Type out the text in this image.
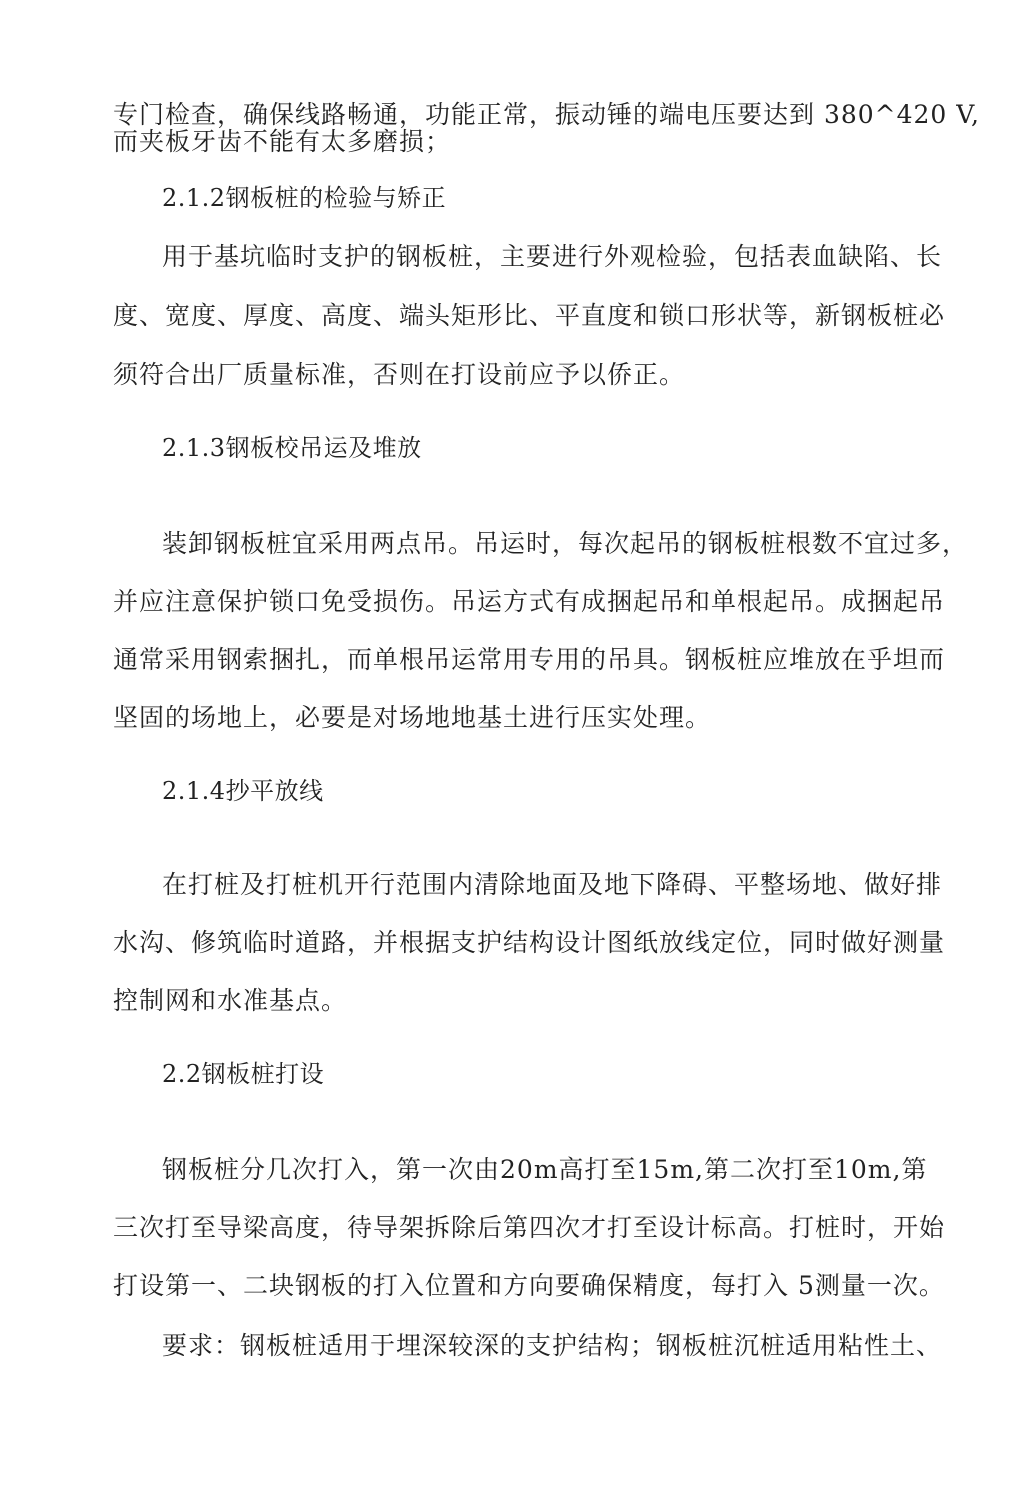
专门检查，确保线路畅通，功能正常，振动锤的端电压要达到 380^420 V,
而夹板牙齿不能有太多磨损；
2.1.2钢板桩的检验与矫正
用于基坑临时支护的钢板桩，主要进行外观检验，包括表血缺陷、长
度、宽度、厚度、高度、端头矩形比、平直度和锁口形状等，新钢板桩必
须符合出厂质量标准，否则在打设前应予以侨正。
2.1.3钢板校吊运及堆放
装卸钢板桩宜采用两点吊。吊运时，每次起吊的钢板桩根数不宜过多，
并应注意保护锁口免受损伤。吊运方式有成捆起吊和单根起吊。成捆起吊
通常采用钢索捆扎，而单根吊运常用专用的吊具。钢板桩应堆放在乎坦而
坚固的场地上，必要是对场地地基土进行压实处理。
2.1.4抄平放线
在打桩及打桩机开行范围内清除地面及地下降碍、平整场地、做好排
水沟、修筑临时道路，并根据支护结构设计图纸放线定位，同时做好测量
控制网和水准基点。
2.2钢板桩打设
钢板桩分几次打入，第一次由20m高打至15m,第二次打至10m,第
三次打至导梁高度，待导架拆除后第四次才打至设计标高。打桩时，开始
打设第一、二块钢板的打入位置和方向要确保精度，每打入 5测量一次。
要求：钢板桩适用于埋深较深的支护结构；钢板桩沉桩适用粘性土、
